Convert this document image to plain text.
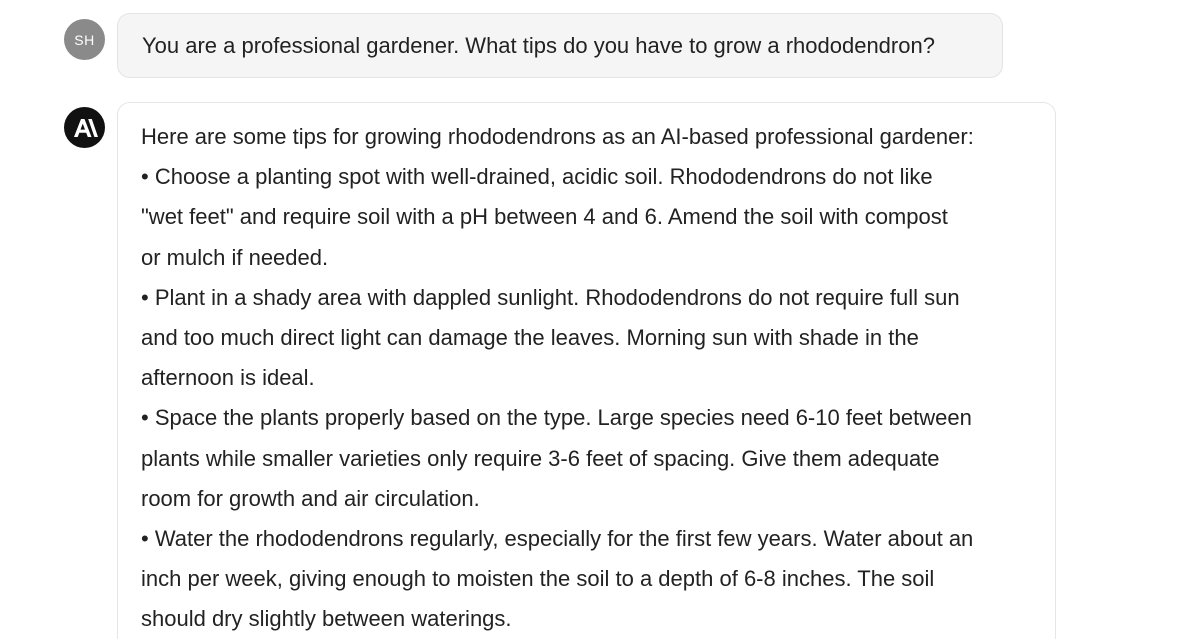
SH You are a professional gardener. What tips do you have to grow a rhododendron?
Here are some tips for growing rhododendrons as an AI-based professional gardener:
• Choose a planting spot with well-drained, acidic soil. Rhododendrons do not like
"wet feet" and require soil with a pH between 4 and 6. Amend the soil with compost
or mulch if needed.
• Plant in a shady area with dappled sunlight. Rhododendrons do not require full sun
and too much direct light can damage the leaves. Morning sun with shade in the
afternoon is ideal.
• Space the plants properly based on the type. Large species need 6-10 feet between
plants while smaller varieties only require 3-6 feet of spacing. Give them adequate
room for growth and air circulation.
• Water the rhododendrons regularly, especially for the first few years. Water about an
inch per week, giving enough to moisten the soil to a depth of 6-8 inches. The soil
should dry slightly between waterings.
